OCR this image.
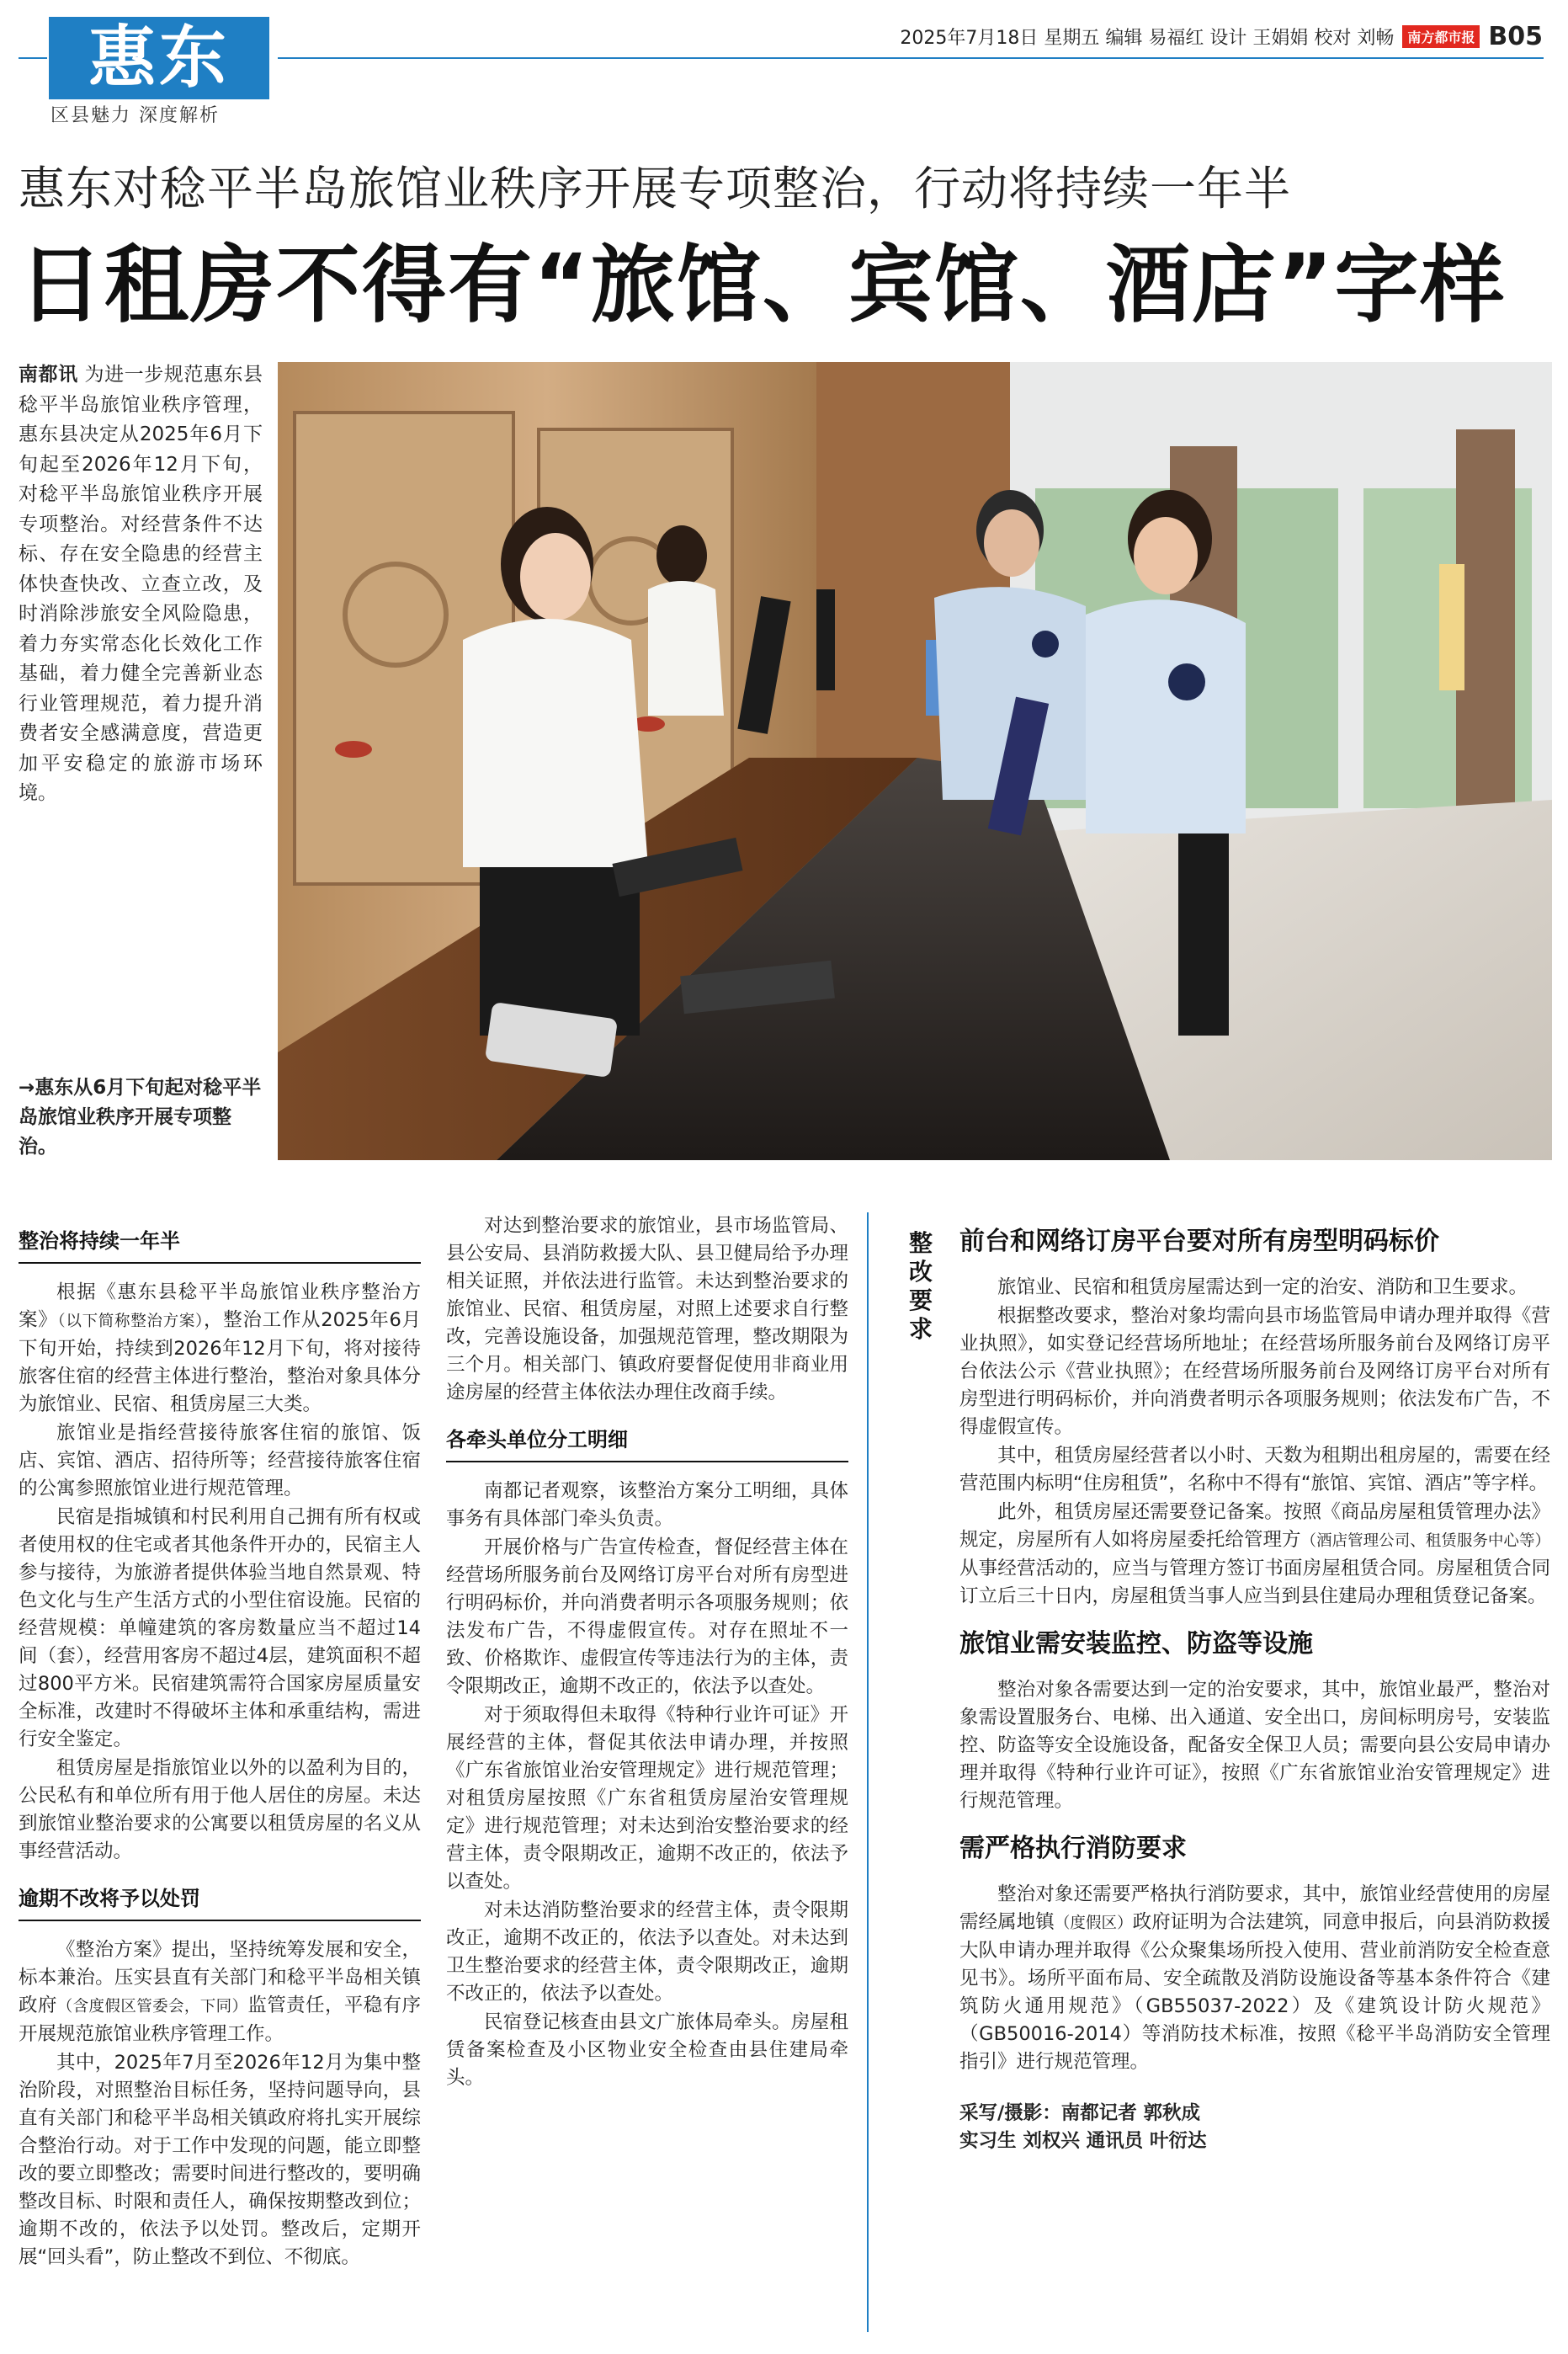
惠东
区县魅力 深度解析
2025年7月18日 星期五 编辑 易福红 设计 王娟娟 校对 刘畅	南方都市报 B05
惠东对稔平半岛旅馆业秩序开展专项整治，行动将持续一年半
日租房不得有“旅馆、宾馆、酒店”字样
南都讯 为进一步规范惠东县稔平半岛旅馆业秩序管理，惠东县决定从2025年6月下旬起至2026年12月下旬，对稔平半岛旅馆业秩序开展专项整治。对经营条件不达标、存在安全隐患的经营主体快查快改、立查立改，及时消除涉旅安全风险隐患，着力夯实常态化长效化工作基础，着力健全完善新业态行业管理规范，着力提升消费者安全感满意度，营造更加平安稳定的旅游市场环境。
→惠东从6月下旬起对稔平半岛旅馆业秩序开展专项整治。
整治将持续一年半

根据《惠东县稔平半岛旅馆业秩序整治方案》（以下简称整治方案），整治工作从2025年6月下旬开始，持续到2026年12月下旬，将对接待旅客住宿的经营主体进行整治，整治对象具体分为旅馆业、民宿、租赁房屋三大类。

旅馆业是指经营接待旅客住宿的旅馆、饭店、宾馆、酒店、招待所等；经营接待旅客住宿的公寓参照旅馆业进行规范管理。

民宿是指城镇和村民利用自己拥有所有权或者使用权的住宅或者其他条件开办的，民宿主人参与接待，为旅游者提供体验当地自然景观、特色文化与生产生活方式的小型住宿设施。民宿的经营规模：单幢建筑的客房数量应当不超过14间（套），经营用客房不超过4层，建筑面积不超过800平方米。民宿建筑需符合国家房屋质量安全标准，改建时不得破坏主体和承重结构，需进行安全鉴定。

租赁房屋是指旅馆业以外的以盈利为目的，公民私有和单位所有用于他人居住的房屋。未达到旅馆业整治要求的公寓要以租赁房屋的名义从事经营活动。

逾期不改将予以处罚

《整治方案》提出，坚持统筹发展和安全，标本兼治。压实县直有关部门和稔平半岛相关镇政府（含度假区管委会，下同）监管责任，平稳有序开展规范旅馆业秩序管理工作。

其中，2025年7月至2026年12月为集中整治阶段，对照整治目标任务，坚持问题导向，县直有关部门和稔平半岛相关镇政府将扎实开展综合整治行动。对于工作中发现的问题，能立即整改的要立即整改；需要时间进行整改的，要明确整改目标、时限和责任人，确保按期整改到位；逾期不改的，依法予以处罚。整改后，定期开展“回头看”，防止整改不到位、不彻底。

对达到整治要求的旅馆业，县市场监管局、县公安局、县消防救援大队、县卫健局给予办理相关证照，并依法进行监管。未达到整治要求的旅馆业、民宿、租赁房屋，对照上述要求自行整改，完善设施设备，加强规范管理，整改期限为三个月。相关部门、镇政府要督促使用非商业用途房屋的经营主体依法办理住改商手续。

各牵头单位分工明细

南都记者观察，该整治方案分工明细，具体事务有具体部门牵头负责。

开展价格与广告宣传检查，督促经营主体在经营场所服务前台及网络订房平台对所有房型进行明码标价，并向消费者明示各项服务规则；依法发布广告，不得虚假宣传。对存在照址不一致、价格欺诈、虚假宣传等违法行为的主体，责令限期改正，逾期不改正的，依法予以查处。

对于须取得但未取得《特种行业许可证》开展经营的主体，督促其依法申请办理，并按照《广东省旅馆业治安管理规定》进行规范管理；对租赁房屋按照《广东省租赁房屋治安管理规定》进行规范管理；对未达到治安整治要求的经营主体，责令限期改正，逾期不改正的，依法予以查处。

对未达消防整治要求的经营主体，责令限期改正，逾期不改正的，依法予以查处。对未达到卫生整治要求的经营主体，责令限期改正，逾期不改正的，依法予以查处。

民宿登记核查由县文广旅体局牵头。房屋租赁备案检查及小区物业安全检查由县住建局牵头。

整改要求
前台和网络订房平台要对所有房型明码标价

旅馆业、民宿和租赁房屋需达到一定的治安、消防和卫生要求。

根据整改要求，整治对象均需向县市场监管局申请办理并取得《营业执照》，如实登记经营场所地址；在经营场所服务前台及网络订房平台依法公示《营业执照》；在经营场所服务前台及网络订房平台对所有房型进行明码标价，并向消费者明示各项服务规则；依法发布广告，不得虚假宣传。

其中，租赁房屋经营者以小时、天数为租期出租房屋的，需要在经营范围内标明“住房租赁”，名称中不得有“旅馆、宾馆、酒店”等字样。

此外，租赁房屋还需要登记备案。按照《商品房屋租赁管理办法》规定，房屋所有人如将房屋委托给管理方（酒店管理公司、租赁服务中心等）从事经营活动的，应当与管理方签订书面房屋租赁合同。房屋租赁合同订立后三十日内，房屋租赁当事人应当到县住建局办理租赁登记备案。

旅馆业需安装监控、防盗等设施

整治对象各需要达到一定的治安要求，其中，旅馆业最严，整治对象需设置服务台、电梯、出入通道、安全出口，房间标明房号，安装监控、防盗等安全设施设备，配备安全保卫人员；需要向县公安局申请办理并取得《特种行业许可证》，按照《广东省旅馆业治安管理规定》进行规范管理。

需严格执行消防要求

整治对象还需要严格执行消防要求，其中，旅馆业经营使用的房屋需经属地镇（度假区）政府证明为合法建筑，同意申报后，向县消防救援大队申请办理并取得《公众聚集场所投入使用、营业前消防安全检查意见书》。场所平面布局、安全疏散及消防设施设备等基本条件符合《建筑防火通用规范》（GB55037-2022）及《建筑设计防火规范》（GB50016-2014）等消防技术标准，按照《稔平半岛消防安全管理指引》进行规范管理。

采写/摄影：南都记者 郭秋成
实习生 刘权兴 通讯员 叶衍达
